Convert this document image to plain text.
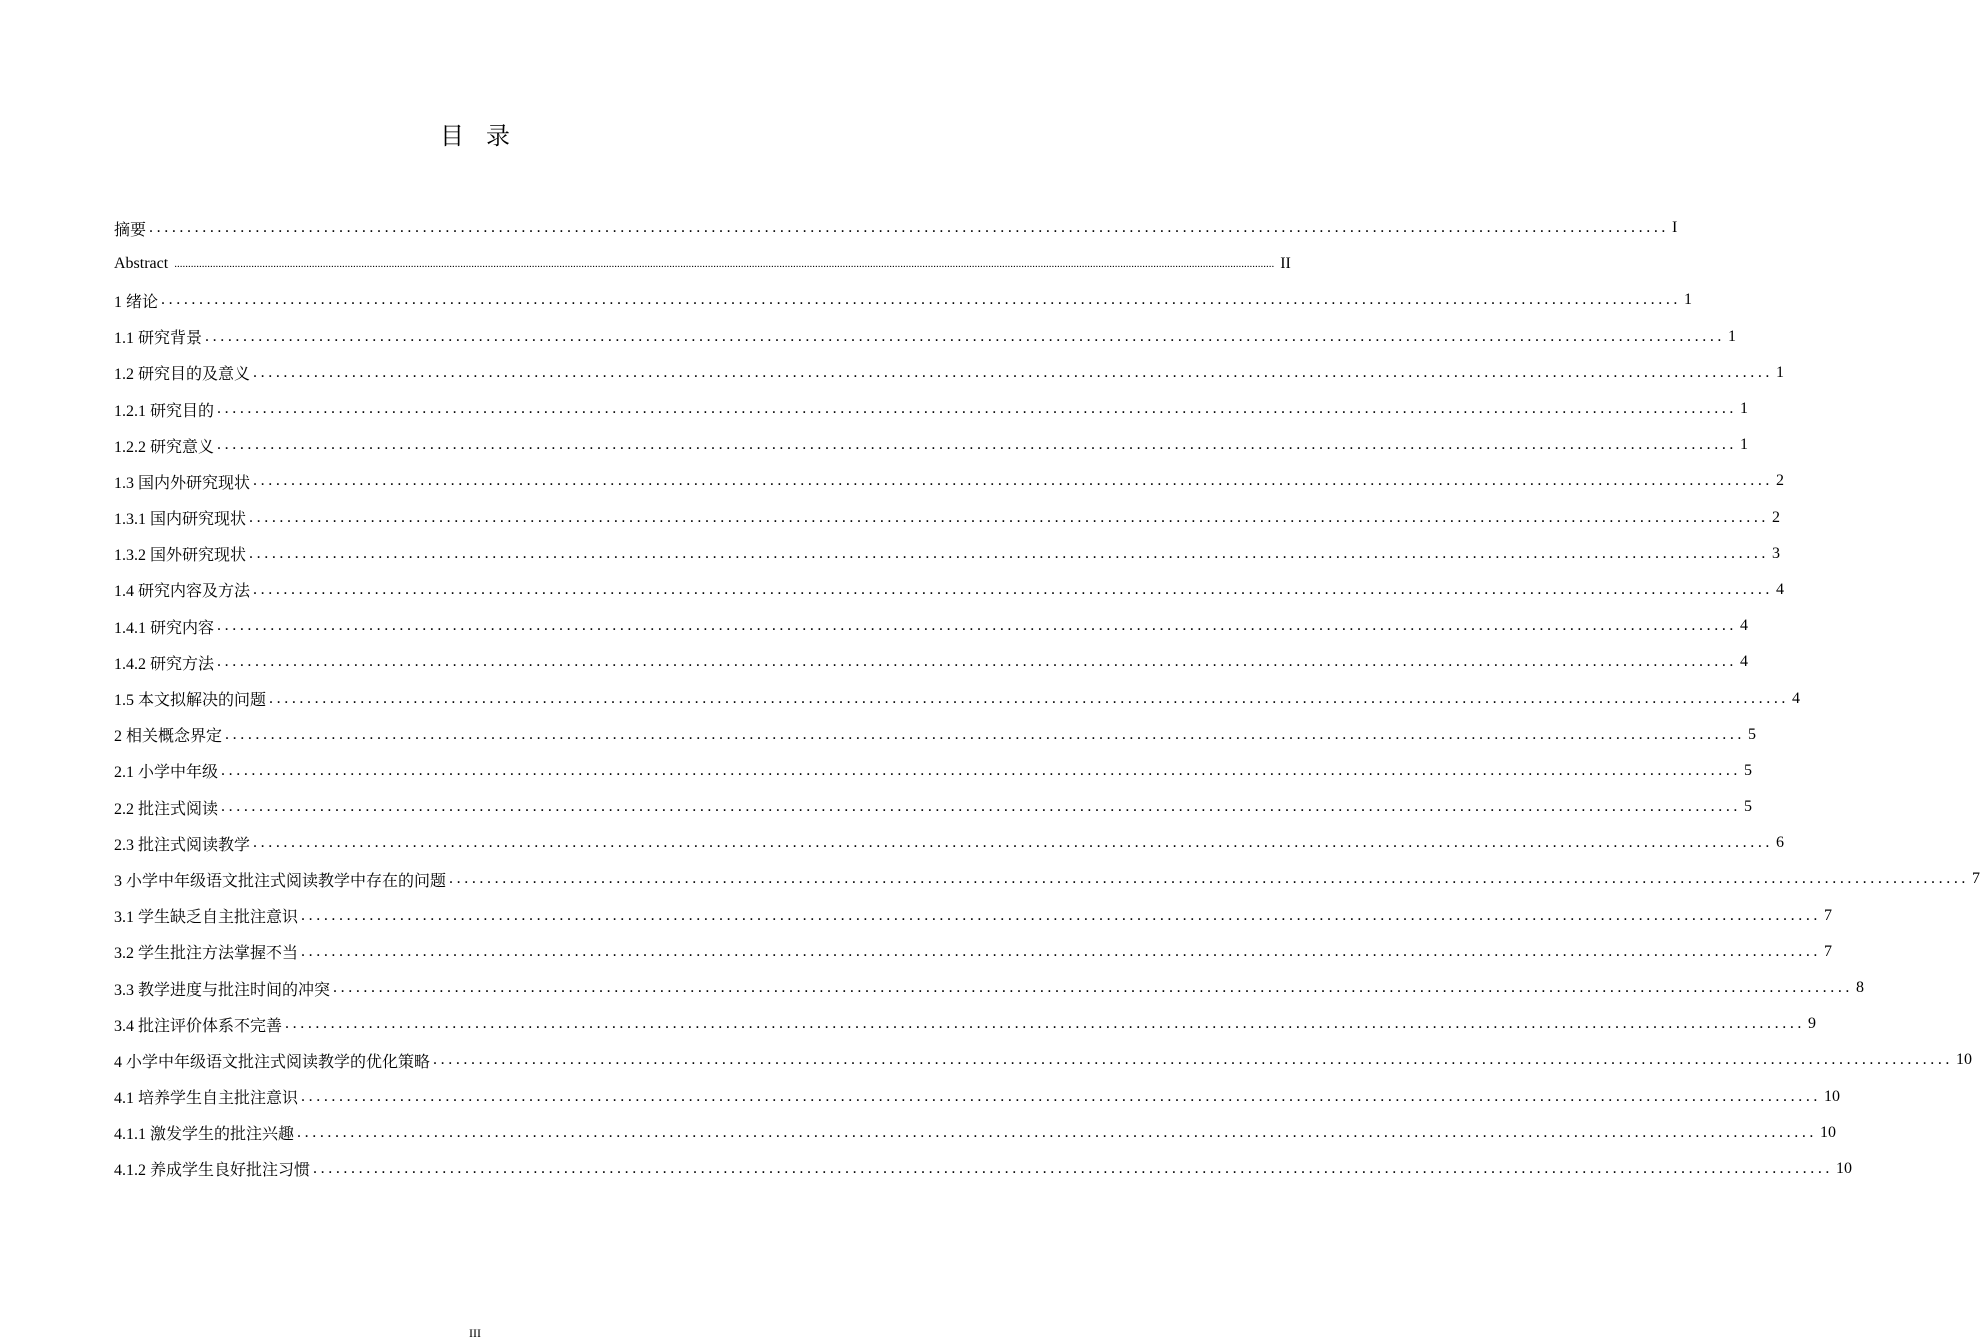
目录
摘要 ........................................................................................................................................................................................................ I
Abstract ................................................................................................................................................................................................................................................................................................................................................................................................................ II
1 绪论 ........................................................................................................................................................................................................ 1
1.1 研究背景 ........................................................................................................................................................................................................ 1
1.2 研究目的及意义 ........................................................................................................................................................................................................ 1
1.2.1 研究目的 ........................................................................................................................................................................................................ 1
1.2.2 研究意义 ........................................................................................................................................................................................................ 1
1.3 国内外研究现状 ........................................................................................................................................................................................................ 2
1.3.1 国内研究现状 ........................................................................................................................................................................................................ 2
1.3.2 国外研究现状 ........................................................................................................................................................................................................ 3
1.4 研究内容及方法 ........................................................................................................................................................................................................ 4
1.4.1 研究内容 ........................................................................................................................................................................................................ 4
1.4.2 研究方法 ........................................................................................................................................................................................................ 4
1.5 本文拟解决的问题 ........................................................................................................................................................................................................ 4
2 相关概念界定 ........................................................................................................................................................................................................ 5
2.1 小学中年级 ........................................................................................................................................................................................................ 5
2.2 批注式阅读 ........................................................................................................................................................................................................ 5
2.3 批注式阅读教学 ........................................................................................................................................................................................................ 6
3 小学中年级语文批注式阅读教学中存在的问题 ........................................................................................................................................................................................................ 7
3.1 学生缺乏自主批注意识 ........................................................................................................................................................................................................ 7
3.2 学生批注方法掌握不当 ........................................................................................................................................................................................................ 7
3.3 教学进度与批注时间的冲突 ........................................................................................................................................................................................................ 8
3.4 批注评价体系不完善 ........................................................................................................................................................................................................ 9
4 小学中年级语文批注式阅读教学的优化策略 ........................................................................................................................................................................................................ 10
4.1 培养学生自主批注意识 ........................................................................................................................................................................................................ 10
4.1.1 激发学生的批注兴趣 ........................................................................................................................................................................................................ 10
4.1.2 养成学生良好批注习惯 ........................................................................................................................................................................................................ 10
III
